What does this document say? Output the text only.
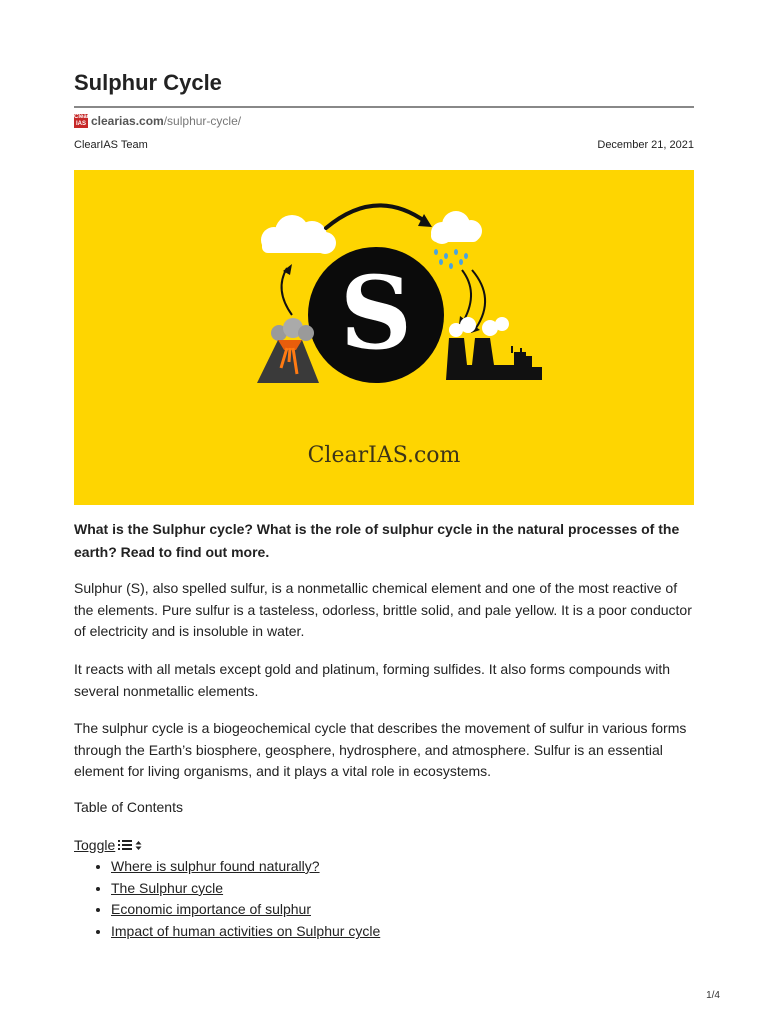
Sulphur Cycle
Clear
IAS clearias.com /sulphur-cycle/
ClearIAS Team	December 21, 2021
S
ClearIAS.com

What is the Sulphur cycle? What is the role of sulphur cycle in the natural processes of the earth? Read to find out more.

Sulphur (S), also spelled sulfur, is a nonmetallic chemical element and one of the most reactive of the elements. Pure sulfur is a tasteless, odorless, brittle solid, and pale yellow. It is a poor conductor of electricity and is insoluble in water.

It reacts with all metals except gold and platinum, forming sulfides. It also forms compounds with several nonmetallic elements.

The sulphur cycle is a biogeochemical cycle that describes the movement of sulfur in various forms through the Earth’s biosphere, geosphere, hydrosphere, and atmosphere. Sulfur is an essential element for living organisms, and it plays a vital role in ecosystems.

Table of Contents
Toggle
• Where is sulphur found naturally?
• The Sulphur cycle
• Economic importance of sulphur
• Impact of human activities on Sulphur cycle
1/4
